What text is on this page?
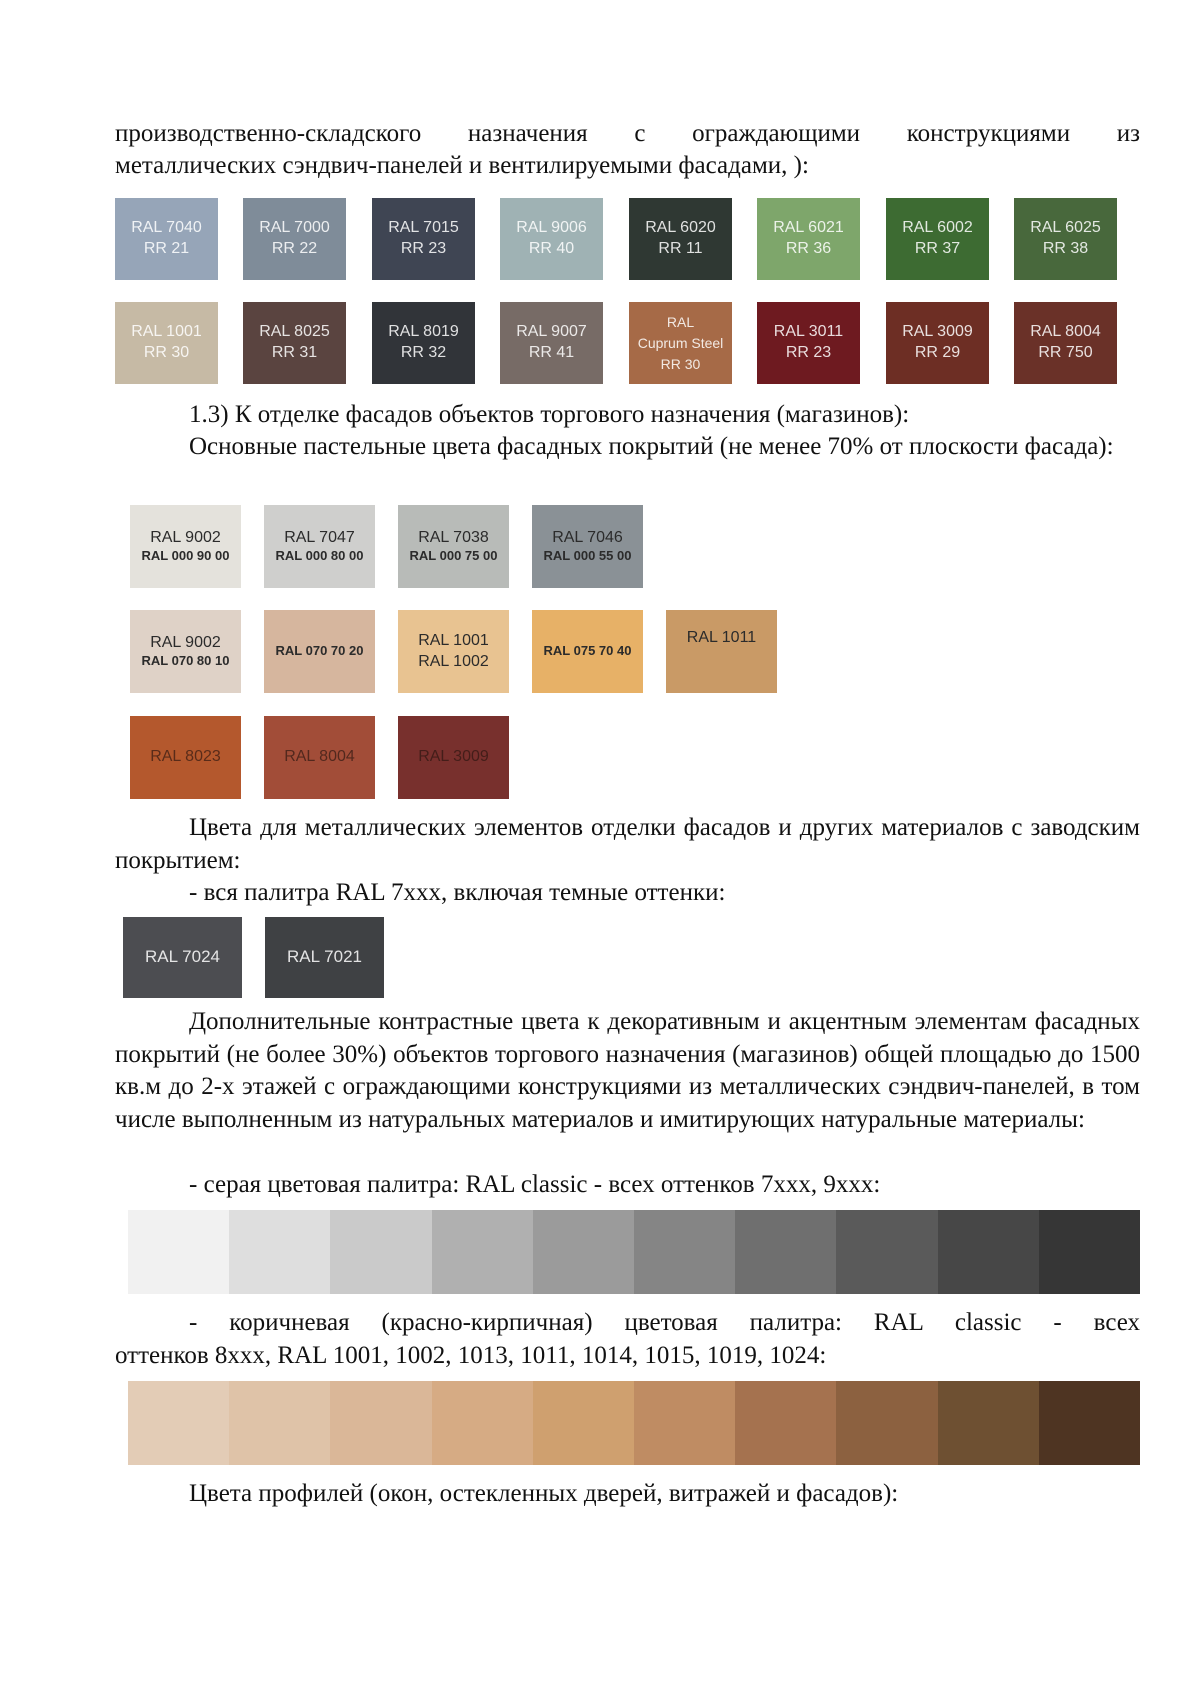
производственно-складского назначения с ограждающими конструкциями из
металлических сэндвич-панелей и вентилируемыми фасадами, ):
RAL 7040
RR 21
RAL 7000
RR 22
RAL 7015
RR 23
RAL 9006
RR 40
RAL 6020
RR 11
RAL 6021
RR 36
RAL 6002
RR 37
RAL 6025
RR 38
RAL 1001
RR 30
RAL 8025
RR 31
RAL 8019
RR 32
RAL 9007
RR 41
RAL
Cuprum Steel
RR 30
RAL 3011
RR 23
RAL 3009
RR 29
RAL 8004
RR 750
1.3) К отделке фасадов объектов торгового назначения (магазинов):
Основные пастельные цвета фасадных покрытий (не менее 70% от плоскости фасада):
RAL 9002
RAL 000 90 00
RAL 7047
RAL 000 80 00
RAL 7038
RAL 000 75 00
RAL 7046
RAL 000 55 00
RAL 9002
RAL 070 80 10
RAL 070 70 20
RAL 1001
RAL 1002
RAL 075 70 40
RAL 1011
RAL 8023	RAL 8004	RAL 3009
Цвета для металлических элементов отделки фасадов и других материалов с заводским покрытием:
- вся палитра RAL 7ххх, включая темные оттенки:
RAL 7024	RAL 7021
Дополнительные контрастные цвета к декоративным и акцентным элементам фасадных покрытий (не более 30%) объектов торгового назначения (магазинов) общей площадью до 1500 кв.м до 2-х этажей с ограждающими конструкциями из металлических сэндвич-панелей, в том числе выполненным из натуральных материалов и имитирующих натуральные материалы:
- серая цветовая палитра: RAL classic - всех оттенков 7ххх, 9ххх:
- коричневая (красно-кирпичная) цветовая палитра: RAL classic - всех
оттенков 8ххх, RAL 1001, 1002, 1013, 1011, 1014, 1015, 1019, 1024:
Цвета профилей (окон, остекленных дверей, витражей и фасадов):
